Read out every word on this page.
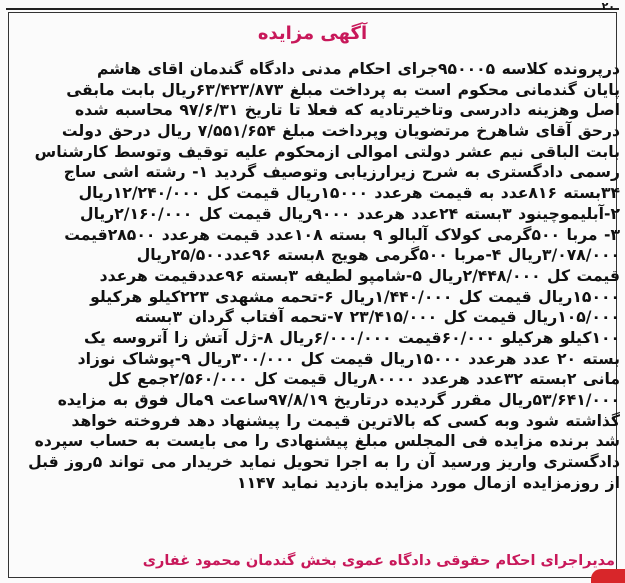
۲۰
آگهی مزایده
درپرونده کلاسه ۹۵۰۰۰۵جرای احکام مدنی دادگاه گندمان اقای هاشم
پایان گندمانی محکوم است به پرداخت مبلغ ۶۳/۴۲۳/۸۷۳ریال بابت مابقی
اصل وهزینه دادرسی وتاخیرتادیه که فعلا تا تاریخ ۹۷/۶/۳۱ محاسبه شده
درحق آقای شاهرخ مرتضویان وپرداخت مبلغ ۷/۵۵۱/۶۵۴ ریال درحق دولت
بابت الباقی نیم عشر دولتی اموالی ازمحکوم علیه توقیف وتوسط کارشناس
رسمی دادگستری به شرح زیرارزیابی وتوصیف گردید ۱- رشته اشی ساج
۳۴بسته ۸۱۶عدد به قیمت هرعدد ۱۵۰۰۰ریال قیمت کل ۱۲/۲۴۰/۰۰۰ریال
۲-آبلیموچینود ۳بسته ۲۴عدد هرعدد ۹۰۰۰ریال قیمت کل ۲/۱۶۰/۰۰۰ریال
۳- مربا ۵۰۰گرمی کولاک آلبالو ۹ بسته ۱۰۸عدد قیمت هرعدد ۲۸۵۰۰قیمت
۳/۰۷۸/۰۰۰ریال ۴-مربا ۵۰۰گرمی هویج ۸بسته ۹۶عدد۲۵/۵۰۰ریال
قیمت کل ۲/۴۴۸/۰۰۰ریال ۵-شامپو لطیفه ۳بسته ۹۶عددقیمت هرعدد
۱۵۰۰۰ریال قیمت کل ۱/۴۴۰/۰۰۰ریال ۶-تحمه مشهدی ۲۲۳کیلو هرکیلو
۱۰۵/۰۰۰ریال قیمت کل ۲۳/۴۱۵/۰۰۰ ۷-تحمه آفتاب گردان ۳بسته
۱۰۰کیلو هرکیلو ۶۰/۰۰۰قیمت ۶/۰۰۰/۰۰۰ریال ۸-ژل آتش زا آتروسه یک
بسته ۲۰ عدد هرعدد ۱۵۰۰۰ریال قیمت کل ۳۰۰/۰۰۰ریال ۹-پوشاک نوزاد
مانی ۲بسته ۳۲عدد هرعدد ۸۰۰۰۰ریال قیمت کل ۲/۵۶۰/۰۰۰جمع کل
۵۳/۶۴۱/۰۰۰ریال مقرر گردیده درتاریخ ۹۷/۸/۱۹ساعت ۹مال فوق به مزایده
گذاشته شود وبه کسی که بالاترین قیمت را پیشنهاد دهد فروخته خواهد
شد برنده مزایده فی المجلس مبلغ پیشنهادی را می بایست به حساب سپرده
دادگستری واریز ورسید آن را به اجرا تحویل نماید خریدار می تواند ۵روز قبل
از روزمزایده ازمال مورد مزایده بازدید نماید ۱۱۴۷
مدیراجرای احکام حقوقی دادگاه عموی بخش گندمان محمود غفاری
